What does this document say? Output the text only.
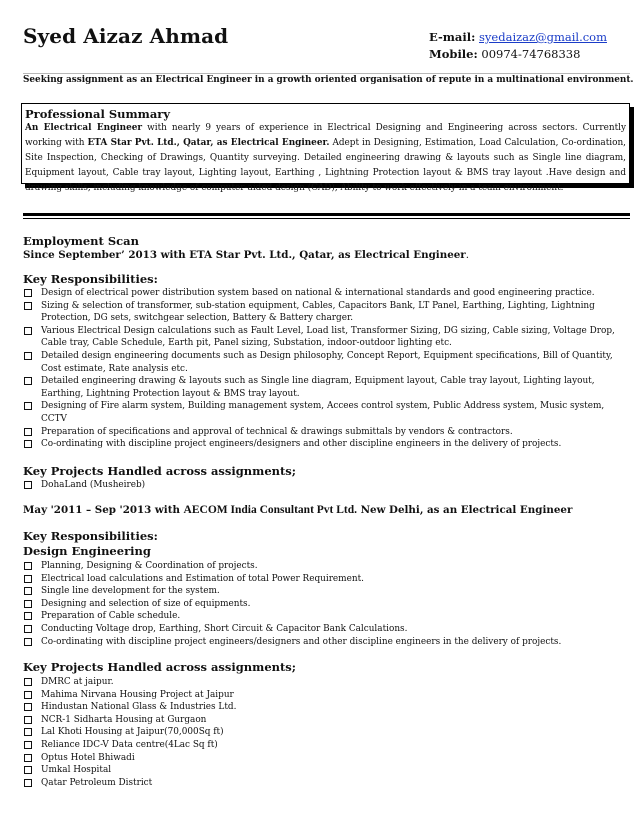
Syed Aizaz Ahmad	E-mail: syedaizaz@gmail.com
Mobile: 00974-74768338
Seeking assignment as an Electrical Engineer in a growth oriented organisation of repute in a multinational environment.
Professional Summary
An Electrical Engineer with nearly 9 years of experience in Electrical Designing and Engineering across sectors. Currently working with ETA Star Pvt. Ltd., Qatar, as Electrical Engineer. Adept in Designing, Estimation, Load Calculation, Co-ordination, Site Inspection, Checking of Drawings, Quantity surveying. Detailed engineering drawing & layouts such as Single line diagram, Equipment layout, Cable tray layout, Lighting layout, Earthing , Lightning Protection layout & BMS tray layout .Have design and drawing skills, including knowledge of computer-aided design (CAD), Ability to work effectively in a team environment.
Employment Scan
Since September’ 2013 with ETA Star Pvt. Ltd., Qatar, as Electrical Engineer.
Key Responsibilities:
Design of electrical power distribution system based on national & international standards and good engineering practice.
Sizing & selection of transformer, sub-station equipment, Cables, Capacitors Bank, LT Panel, Earthing, Lighting, Lightning Protection, DG sets, switchgear selection, Battery & Battery charger.
Various Electrical Design calculations such as Fault Level, Load list, Transformer Sizing, DG sizing, Cable sizing, Voltage Drop, Cable tray, Cable Schedule, Earth pit, Panel sizing, Substation, indoor-outdoor lighting etc.
Detailed design engineering documents such as Design philosophy, Concept Report, Equipment specifications, Bill of Quantity, Cost estimate, Rate analysis etc.
Detailed engineering drawing & layouts such as Single line diagram, Equipment layout, Cable tray layout, Lighting layout, Earthing, Lightning Protection layout & BMS tray layout.
Designing of Fire alarm system, Building management system, Accees control system, Public Address system, Music system, CCTV
Preparation of specifications and approval of technical & drawings submittals by vendors & contractors.
Co-ordinating with discipline project engineers/designers and other discipline engineers in the delivery of projects.
Key Projects Handled across assignments;
DohaLand (Musheireb)
May '2011 – Sep '2013 with AECOM India Consultant Pvt Ltd. New Delhi, as an Electrical Engineer
Key Responsibilities:
Design Engineering
Planning, Designing & Coordination of projects.
Electrical load calculations and Estimation of total Power Requirement.
Single line development for the system.
Designing and selection of size of equipments.
Preparation of Cable schedule.
Conducting Voltage drop, Earthing, Short Circuit & Capacitor Bank Calculations.
Co-ordinating with discipline project engineers/designers and other discipline engineers in the delivery of projects.
Key Projects Handled across assignments;
DMRC at jaipur.
Mahima Nirvana Housing Project at Jaipur
Hindustan National Glass & Industries Ltd.
NCR-1 Sidharta Housing at Gurgaon
Lal Khoti Housing at Jaipur(70,000Sq ft)
Reliance IDC-V Data centre(4Lac Sq ft)
Optus Hotel Bhiwadi
Umkal Hospital
Qatar Petroleum District
